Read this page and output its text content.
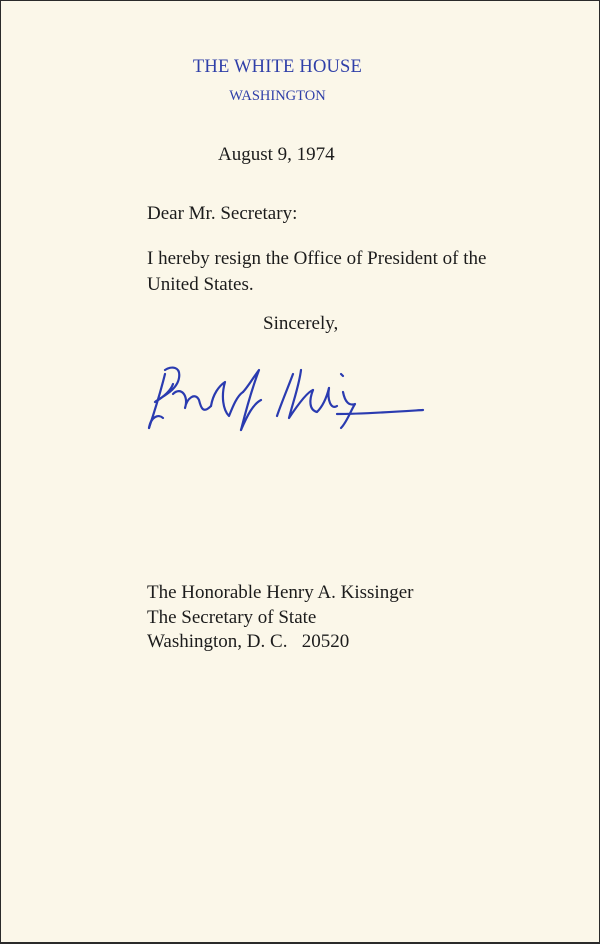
THE WHITE HOUSE
WASHINGTON
August 9, 1974
Dear Mr. Secretary:
I hereby resign the Office of President of the United States.
Sincerely,
The Honorable Henry A. Kissinger
The Secretary of State
Washington, D. C.   20520
